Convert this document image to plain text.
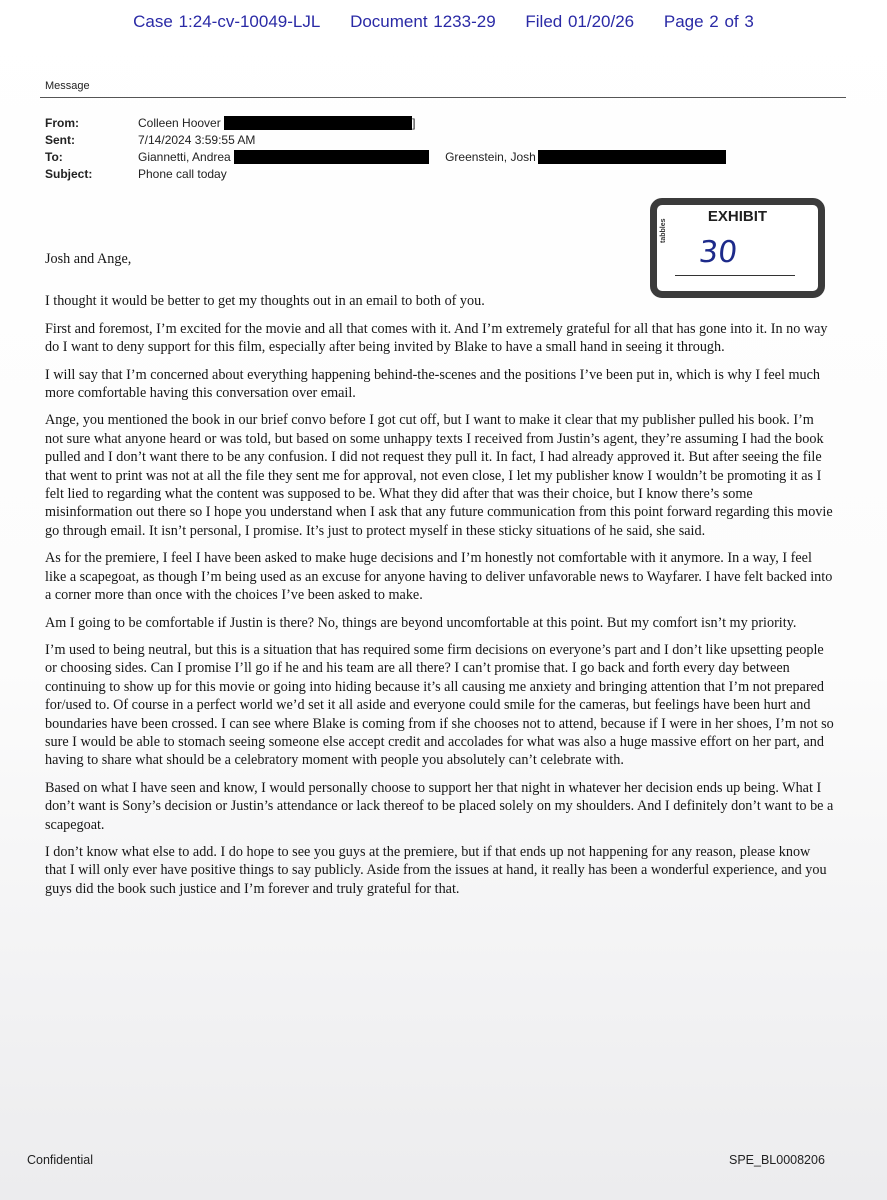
Case 1:24-cv-10049-LJL Document 1233-29 Filed 01/20/26 Page 2 of 3
Message
From:	Colleen Hoover	]
Sent:	7/14/2024 3:59:55 AM
To:	Giannetti, Andrea	Greenstein, Josh
Subject:	Phone call today
EXHIBIT
tabbles
30

Josh and Ange,

I thought it would be better to get my thoughts out in an email to both of you.

First and foremost, I’m excited for the movie and all that comes with it. And I’m extremely grateful for all that has gone into it. In no way do I want to deny support for this film, especially after being invited by Blake to have a small hand in seeing it through.

I will say that I’m concerned about everything happening behind-the-scenes and the positions I’ve been put in, which is why I feel much more comfortable having this conversation over email.

Ange, you mentioned the book in our brief convo before I got cut off, but I want to make it clear that my publisher pulled his book. I’m not sure what anyone heard or was told, but based on some unhappy texts I received from Justin’s agent, they’re assuming I had the book pulled and I don’t want there to be any confusion. I did not request they pull it. In fact, I had already approved it. But after seeing the file that went to print was not at all the file they sent me for approval, not even close, I let my publisher know I wouldn’t be promoting it as I felt lied to regarding what the content was supposed to be. What they did after that was their choice, but I know there’s some misinformation out there so I hope you understand when I ask that any future communication from this point forward regarding this movie go through email. It isn’t personal, I promise. It’s just to protect myself in these sticky situations of he said, she said.

As for the premiere, I feel I have been asked to make huge decisions and I’m honestly not comfortable with it anymore. In a way, I feel like a scapegoat, as though I’m being used as an excuse for anyone having to deliver unfavorable news to Wayfarer. I have felt backed into a corner more than once with the choices I’ve been asked to make.

Am I going to be comfortable if Justin is there? No, things are beyond uncomfortable at this point. But my comfort isn’t my priority.

I’m used to being neutral, but this is a situation that has required some firm decisions on everyone’s part and I don’t like upsetting people or choosing sides. Can I promise I’ll go if he and his team are all there? I can’t promise that. I go back and forth every day between continuing to show up for this movie or going into hiding because it’s all causing me anxiety and bringing attention that I’m not prepared for/used to. Of course in a perfect world we’d set it all aside and everyone could smile for the cameras, but feelings have been hurt and boundaries have been crossed. I can see where Blake is coming from if she chooses not to attend, because if I were in her shoes, I’m not so sure I would be able to stomach seeing someone else accept credit and accolades for what was also a huge massive effort on her part, and having to share what should be a celebratory moment with people you absolutely can’t celebrate with.

Based on what I have seen and know, I would personally choose to support her that night in whatever her decision ends up being. What I don’t want is Sony’s decision or Justin’s attendance or lack thereof to be placed solely on my shoulders. And I definitely don’t want to be a scapegoat.

I don’t know what else to add. I do hope to see you guys at the premiere, but if that ends up not happening for any reason, please know that I will only ever have positive things to say publicly. Aside from the issues at hand, it really has been a wonderful experience, and you guys did the book such justice and I’m forever and truly grateful for that.

Confidential	SPE_BL0008206
